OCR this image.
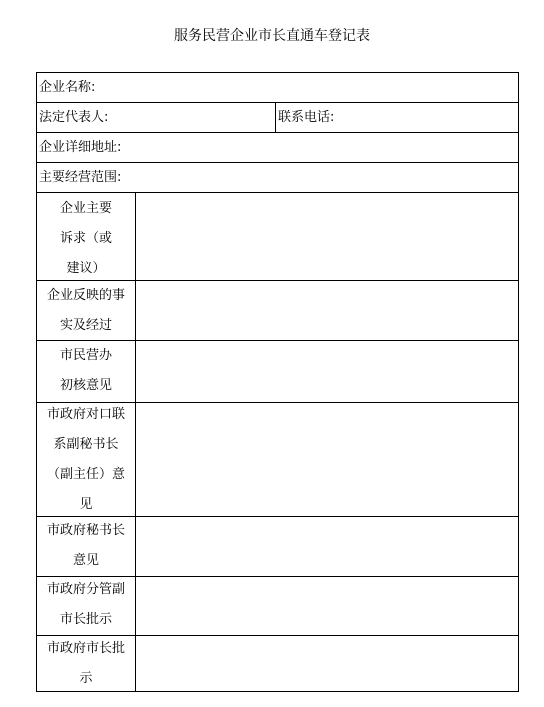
服务民营企业市长直通车登记表
企业名称:
法定代表人:	联系电话:
企业详细地址:
主要经营范围:
企业主要
诉求（或
建议）
企业反映的事
实及经过
市民营办
初核意见
市政府对口联
系副秘书长
（副主任）意
见
市政府秘书长
意见
市政府分管副
市长批示
市政府市长批
示
